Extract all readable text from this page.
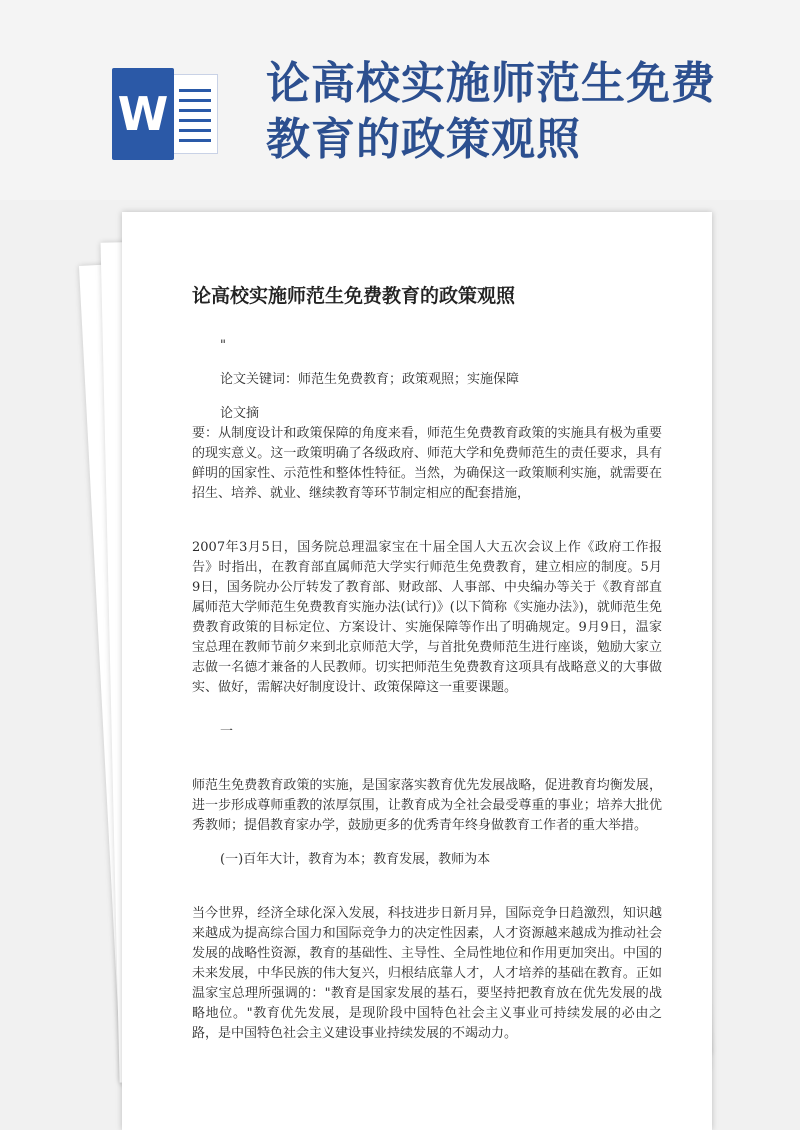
W
论高校实施师范生免费
教育的政策观照
论高校实施师范生免费教育的政策观照

"

论文关键词：师范生免费教育；政策观照；实施保障

论文摘

要：从制度设计和政策保障的角度来看，师范生免费教育政策的实施具有极为重要的现实意义。这一政策明确了各级政府、师范大学和免费师范生的责任要求，具有鲜明的国家性、示范性和整体性特征。当然，为确保这一政策顺利实施，就需要在招生、培养、就业、继续教育等环节制定相应的配套措施，

2007年3月5日，国务院总理温家宝在十届全国人大五次会议上作《政府工作报告》时指出，在教育部直属师范大学实行师范生免费教育，建立相应的制度。5月9日，国务院办公厅转发了教育部、财政部、人事部、中央编办等关于《教育部直属师范大学师范生免费教育实施办法(试行)》(以下简称《实施办法》)，就师范生免费教育政策的目标定位、方案设计、实施保障等作出了明确规定。9月9日，温家宝总理在教师节前夕来到北京师范大学，与首批免费师范生进行座谈，勉励大家立志做一名德才兼备的人民教师。切实把师范生免费教育这项具有战略意义的大事做实、做好，需解决好制度设计、政策保障这一重要课题。

一

师范生免费教育政策的实施，是国家落实教育优先发展战略，促进教育均衡发展，进一步形成尊师重教的浓厚氛围，让教育成为全社会最受尊重的事业；培养大批优秀教师；提倡教育家办学，鼓励更多的优秀青年终身做教育工作者的重大举措。

(一)百年大计，教育为本；教育发展，教师为本

当今世界，经济全球化深入发展，科技进步日新月异，国际竞争日趋激烈，知识越来越成为提高综合国力和国际竞争力的决定性因素，人才资源越来越成为推动社会发展的战略性资源，教育的基础性、主导性、全局性地位和作用更加突出。中国的未来发展，中华民族的伟大复兴，归根结底靠人才，人才培养的基础在教育。正如温家宝总理所强调的："教育是国家发展的基石，要坚持把教育放在优先发展的战略地位。"教育优先发展，是现阶段中国特色社会主义事业可持续发展的必由之路，是中国特色社会主义建设事业持续发展的不竭动力。
